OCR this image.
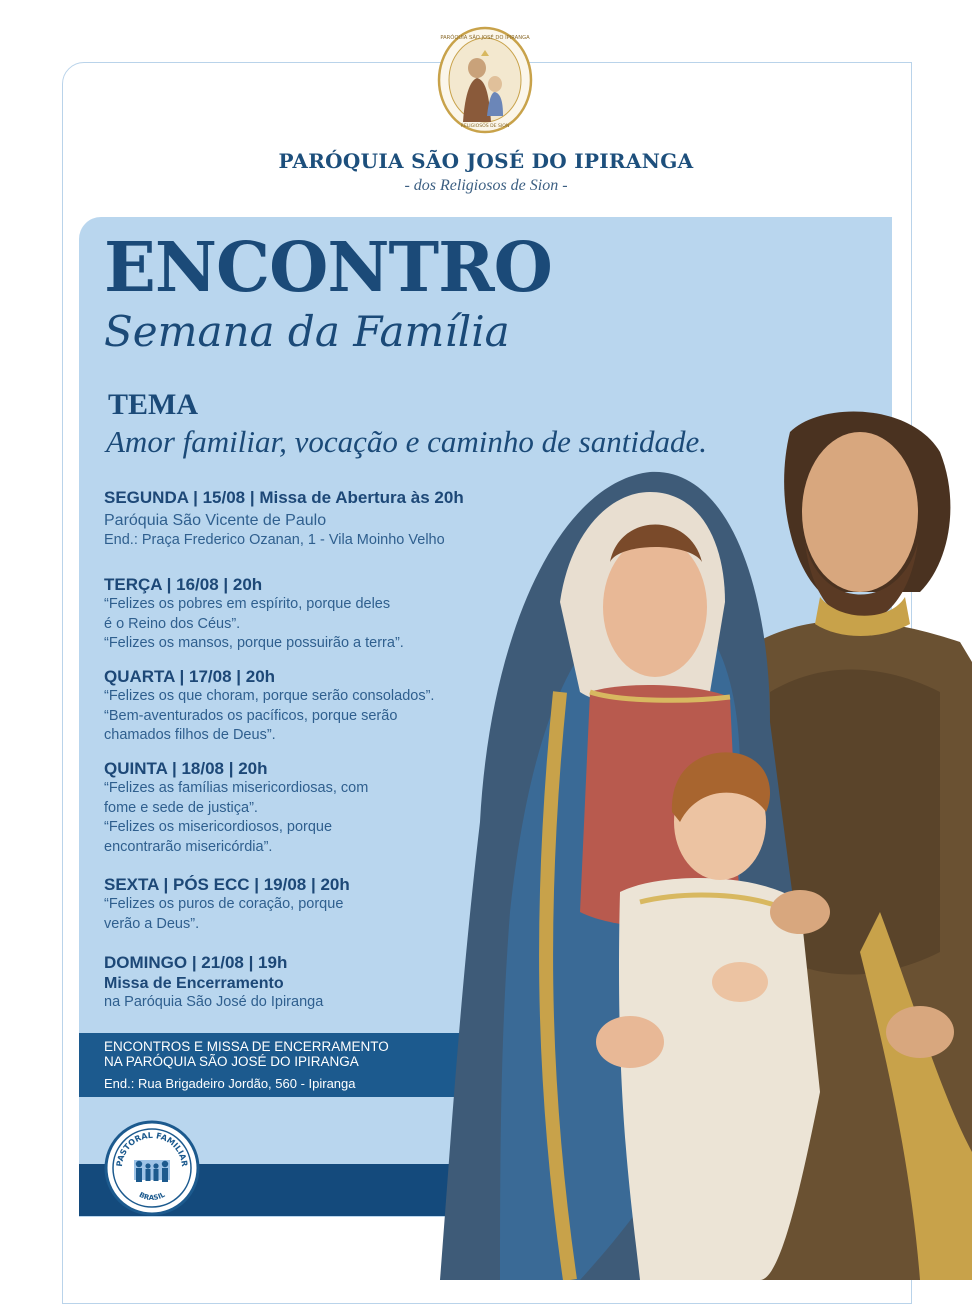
PARÓQUIA SÃO JOSÉ DO IPIRANGA
RELIGIOSOS DE SION
PARÓQUIA SÃO JOSÉ DO IPIRANGA
- dos Religiosos de Sion -
ENCONTRO
Semana da Família
TEMA
Amor familiar, vocação e caminho de santidade.
SEGUNDA | 15/08 | Missa de Abertura às 20h
Paróquia São Vicente de Paulo
End.: Praça Frederico Ozanan, 1 - Vila Moinho Velho
TERÇA | 16/08 | 20h
“Felizes os pobres em espírito, porque deles
é o Reino dos Céus”.
“Felizes os mansos, porque possuirão a terra”.
QUARTA | 17/08 | 20h
“Felizes os que choram, porque serão consolados”.
“Bem-aventurados os pacíficos, porque serão
chamados filhos de Deus”.
QUINTA | 18/08 | 20h
“Felizes as famílias misericordiosas, com
fome e sede de justiça”.
“Felizes os misericordiosos, porque
encontrarão misericórdia”.
SEXTA | PÓS ECC | 19/08 | 20h
“Felizes os puros de coração, porque
verão a Deus”.
DOMINGO | 21/08 | 19h
Missa de Encerramento
na Paróquia São José do Ipiranga
ENCONTROS E MISSA DE ENCERRAMENTO
NA PARÓQUIA SÃO JOSÉ DO IPIRANGA
End.: Rua Brigadeiro Jordão, 560 - Ipiranga
PASTORAL FAMILIAR
BRASIL
